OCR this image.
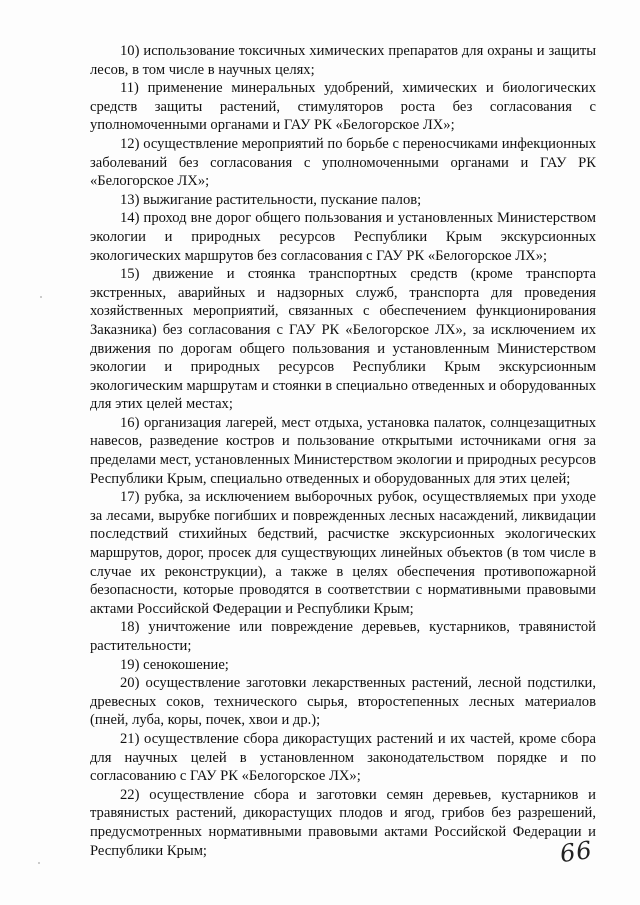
10) использование токсичных химических препаратов для охраны и защиты лесов, в том числе в научных целях;

11) применение минеральных удобрений, химических и биологических средств защиты растений, стимуляторов роста без согласования с уполномоченными органами и ГАУ РК «Белогорское ЛХ»;

12) осуществление мероприятий по борьбе с переносчиками инфекционных заболеваний без согласования с уполномоченными органами и ГАУ РК «Белогорское ЛХ»;

13) выжигание растительности, пускание палов;

14) проход вне дорог общего пользования и установленных Министерством экологии и природных ресурсов Республики Крым экскурсионных экологических маршрутов без согласования с ГАУ РК «Белогорское ЛХ»;

15) движение и стоянка транспортных средств (кроме транспорта экстренных, аварийных и надзорных служб, транспорта для проведения хозяйственных мероприятий, связанных с обеспечением функционирования Заказника) без согласования с ГАУ РК «Белогорское ЛХ», за исключением их движения по дорогам общего пользования и установленным Министерством экологии и природных ресурсов Республики Крым экскурсионным экологическим маршрутам и стоянки в специально отведенных и оборудованных для этих целей местах;

16) организация лагерей, мест отдыха, установка палаток, солнцезащитных навесов, разведение костров и пользование открытыми источниками огня за пределами мест, установленных Министерством экологии и природных ресурсов Республики Крым, специально отведенных и оборудованных для этих целей;

17) рубка, за исключением выборочных рубок, осуществляемых при уходе за лесами, вырубке погибших и поврежденных лесных насаждений, ликвидации последствий стихийных бедствий, расчистке экскурсионных экологических маршрутов, дорог, просек для существующих линейных объектов (в том числе в случае их реконструкции), а также в целях обеспечения противопожарной безопасности, которые проводятся в соответствии с нормативными правовыми актами Российской Федерации и Республики Крым;

18) уничтожение или повреждение деревьев, кустарников, травянистой растительности;

19) сенокошение;

20) осуществление заготовки лекарственных растений, лесной подстилки, древесных соков, технического сырья, второстепенных лесных материалов (пней, луба, коры, почек, хвои и др.);

21) осуществление сбора дикорастущих растений и их частей, кроме сбора для научных целей в установленном законодательством порядке и по согласованию с ГАУ РК «Белогорское ЛХ»;

22) осуществление сбора и заготовки семян деревьев, кустарников и травянистых растений, дикорастущих плодов и ягод, грибов без разрешений, предусмотренных нормативными правовыми актами Российской Федерации и Республики Крым;	66
